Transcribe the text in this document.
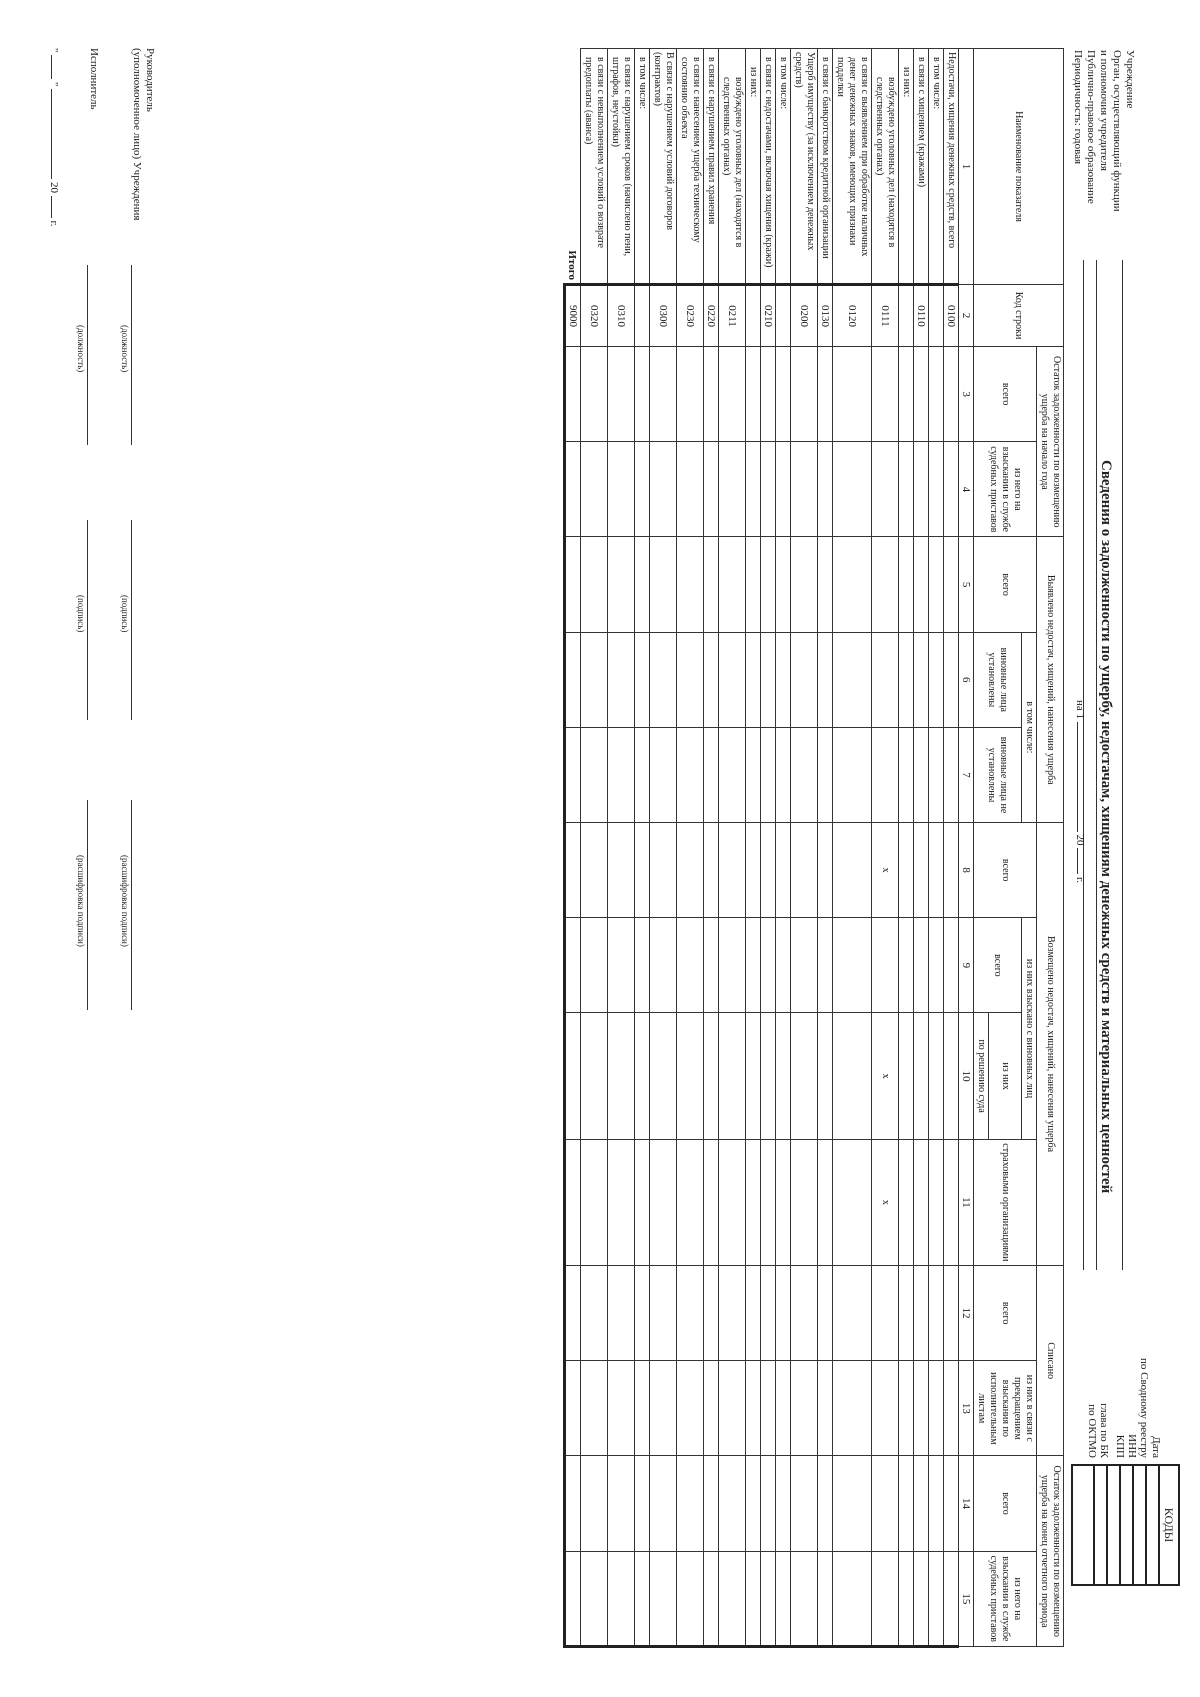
Учреждение
Орган, осуществляющий функции
и полномочия учредителя
Публично-правовое образование
Периодичность: годовая
Сведения о задолженности по ущербу, недостачам, хищениям денежных средств и материальных ценностей
на 1  20  г.
Дата
по Сводному реестру
ИНН
КПП
глава по БК
по ОКТМО
КОДЫ

Наименование показателя	Код строки	Остаток задолженности по возмещению ущерба на начало года		Выявлено недостач, хищений, нанесения ущерба			Возмещено недостач, хищений, нанесения ущерба				Списано		Остаток задолженности по возмещению ущерба на конец отчетного периода	
		всего	из него на взыскании в службе судебных приставов	всего	в том числе:		всего	из них взыскано с виновных лиц		страховыми организациями	всего	из них в связи с прекращением взыскания по исполнительным листам	всего	из него на взыскании в службе судебных приставов
					виновные лица установлены	виновные лица не установлены		всего	из них					
									по решению суда					
1	2	3	4	5	6	7	8	9	10	11	12	13	14	15
Недостачи, хищения денежных средств, всего	0100													
в том числе:														
в связи с хищением (кражами)	0110													
из них:														
возбуждено уголовных дел (находятся в следственных органах)	0111						x		x	x				
в связи с выявлением при обработке наличных денег денежных знаков, имеющих признаки подделки	0120													
в связи с банкротством кредитной организации	0130													
Ущерб имуществу (за исключением денежных средств)	0200													
в том числе:														
в связи с недостачами, включая хищения (кражи)	0210													
из них:														
возбуждено уголовных дел (находятся в следственных органах)	0211													
в связи с нарушением правил хранения	0220													
в связи с нанесением ущерба техническому состоянию объекта	0230													
В связи с нарушением условий договоров (контрактов)	0300													
в том числе:														
в связи с нарушением сроков (начислено пени, штрафов, неустойки)	0310													
в связи с невыполнением условий о возврате предоплаты (аванса)	0320													
Итого	9000													
Руководитель
(уполномоченное лицо) Учреждения
(должность)
(подпись)
(расшифровка подписи)
Исполнитель
(должность)
(подпись)
(расшифровка подписи)
"  "  20  г.
